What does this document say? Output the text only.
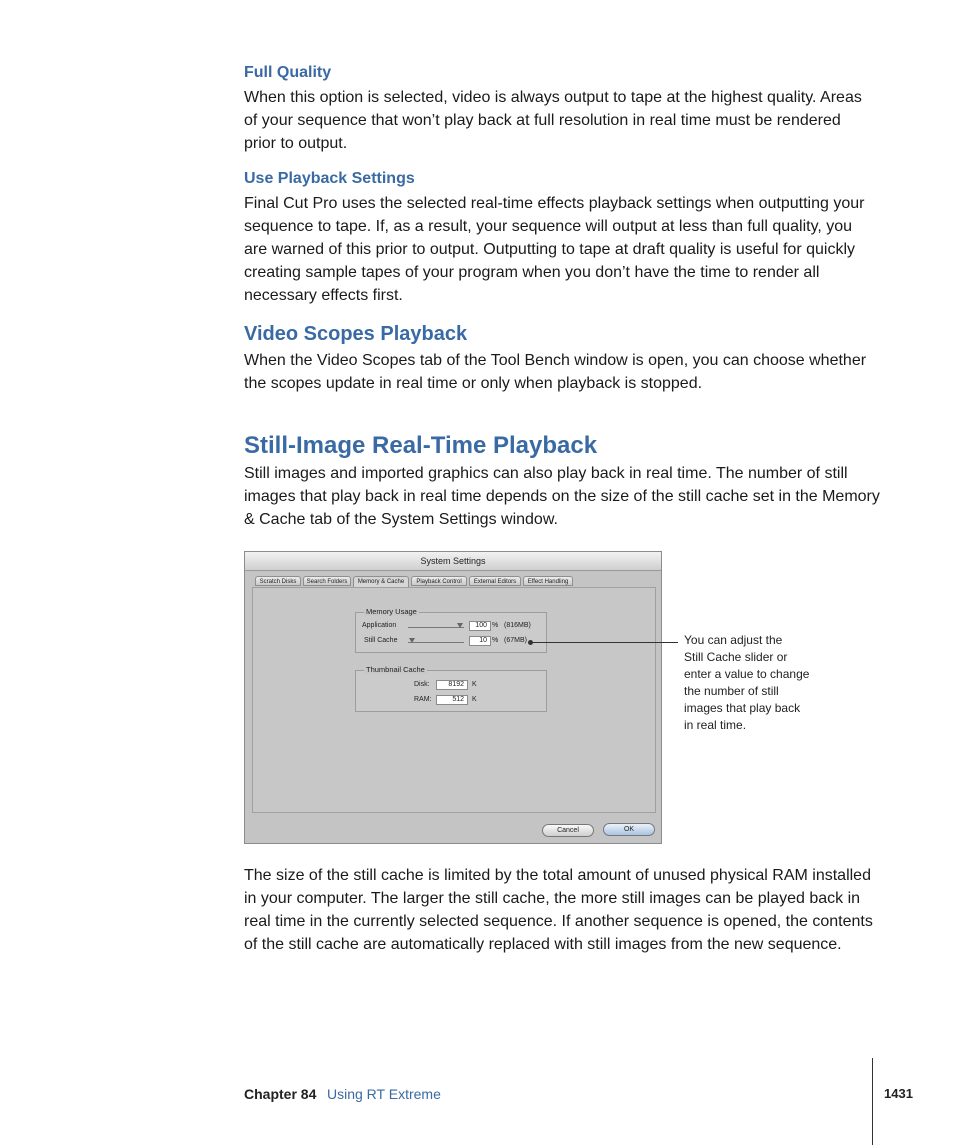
Full Quality

When this option is selected, video is always output to tape at the highest quality. Areas
of your sequence that won’t play back at full resolution in real time must be rendered
prior to output.

Use Playback Settings

Final Cut Pro uses the selected real-time effects playback settings when outputting your
sequence to tape. If, as a result, your sequence will output at less than full quality, you
are warned of this prior to output. Outputting to tape at draft quality is useful for quickly
creating sample tapes of your program when you don’t have the time to render all
necessary effects first.

Video Scopes Playback

When the Video Scopes tab of the Tool Bench window is open, you can choose whether
the scopes update in real time or only when playback is stopped.

Still-Image Real-Time Playback

Still images and imported graphics can also play back in real time. The number of still
images that play back in real time depends on the size of the still cache set in the Memory
& Cache tab of the System Settings window.

System Settings
Scratch Disks	Search Folders	Memory & Cache	Playback Control	External Editors	Effect Handling
Memory Usage
Application	100 % (816MB)
Still Cache	10 % (67MB)
Thumbnail Cache
Disk:	8192	K
RAM:	512	K
Cancel	OK

You can adjust the
Still Cache slider or
enter a value to change
the number of still
images that play back
in real time.

The size of the still cache is limited by the total amount of unused physical RAM installed
in your computer. The larger the still cache, the more still images can be played back in
real time in the currently selected sequence. If another sequence is opened, the contents
of the still cache are automatically replaced with still images from the new sequence.

Chapter 84 Using RT Extreme	1431
